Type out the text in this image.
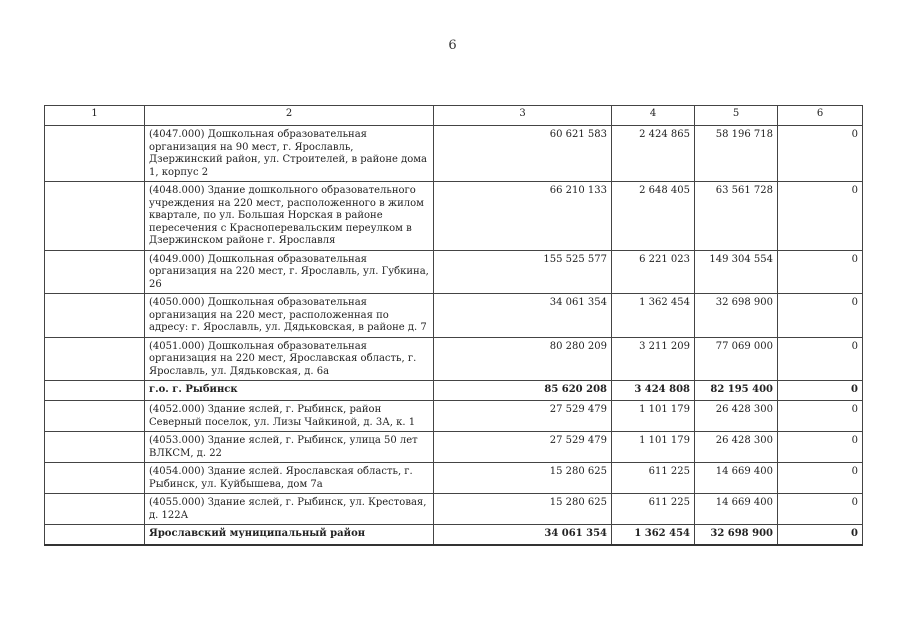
6
1	2	3	4	5	6
	(4047.000) Дошкольная образовательная организация на 90 мест, г. Ярославль, Дзержинский район, ул. Строителей, в районе дома 1, корпус 2	60 621 583	2 424 865	58 196 718	0
	(4048.000) Здание дошкольного образовательного учреждения на 220 мест, расположенного в жилом квартале, по ул. Большая Норская в районе пересечения с Красноперевальским переулком в Дзержинском районе г. Ярославля	66 210 133	2 648 405	63 561 728	0
	(4049.000) Дошкольная образовательная организация на 220 мест, г. Ярославль, ул. Губкина, 26	155 525 577	6 221 023	149 304 554	0
	(4050.000) Дошкольная образовательная организация на 220 мест, расположенная по адресу: г. Ярославль, ул. Дядьковская, в районе д. 7	34 061 354	1 362 454	32 698 900	0
	(4051.000) Дошкольная образовательная организация на 220 мест, Ярославская область, г. Ярославль, ул. Дядьковская, д. 6а	80 280 209	3 211 209	77 069 000	0
	г.о. г. Рыбинск	85 620 208	3 424 808	82 195 400	0
	(4052.000) Здание яслей, г. Рыбинск, район Северный поселок, ул. Лизы Чайкиной, д. 3А, к. 1	27 529 479	1 101 179	26 428 300	0
	(4053.000) Здание яслей, г. Рыбинск, улица 50 лет ВЛКСМ, д. 22	27 529 479	1 101 179	26 428 300	0
	(4054.000) Здание яслей. Ярославская область, г. Рыбинск, ул. Куйбышева, дом 7а	15 280 625	611 225	14 669 400	0
	(4055.000) Здание яслей, г. Рыбинск, ул. Крестовая, д. 122А	15 280 625	611 225	14 669 400	0
	Ярославский муниципальный район	34 061 354	1 362 454	32 698 900	0
